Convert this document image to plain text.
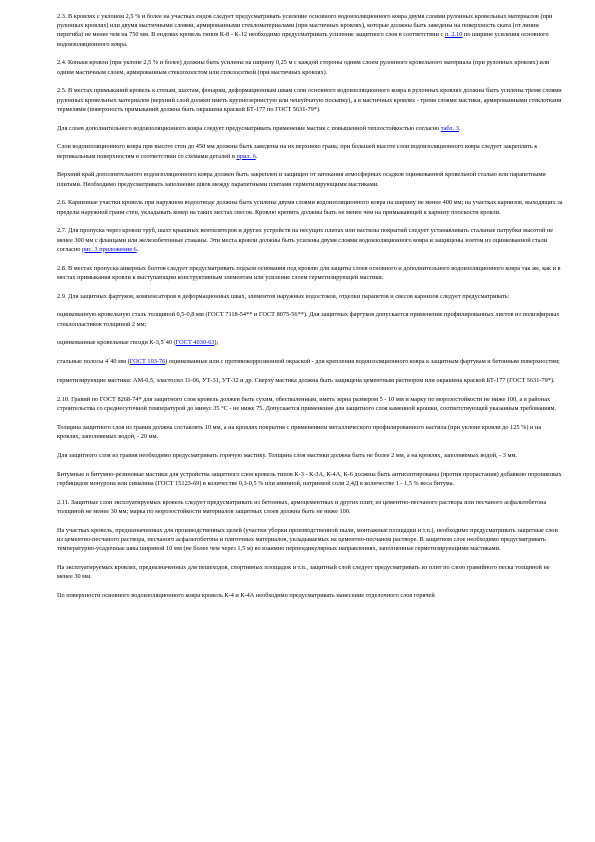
2.3. В кровлях с уклоном 2,5 % и более на участках ендов следует предусматривать усиление основного водоизоляционного ковра двумя слоями рулонных кровельных материалов (при рулонных кровлях) или двумя мастичными слоями, армированными стекломатериалами (при мастичных кровлях), которые должны быть заведены на поверхность ската (от линии перегиба) не менее чем на 750 мм. В ендовах кровель типов К-8 - К-12 необходимо предусматривать усиление защитного слоя в соответствии с п. 2.10 по ширине усиления основного водоизоляционного ковра.

2.4. Коньки кровли (при уклоне 2,5 % и более) должны быть усилены на ширину 0,25 м с каждой стороны одним слоем рулонного кровельного материала (при рулонных кровлях) или одним мастичным слоем, армированным стеклохолстом или стеклосеткой (при мастичных кровлях).

2.5. В местах примыканий кровель к стенам, шахтам, фонарям, деформационным швам слои основного водоизоляционного ковра в рулонных кровлях должны быть усилены тремя слоями рулонных кровельных материалов (верхний слой должен иметь крупнозернистую или чешуйчатую посыпку), а в мастичных кровлях - тремя слоями мастики, армированными стеклоткани термелями (поверхность примыканий должна быть окрашена краской БТ-177 по ГОСТ 5631-79*).

Для слоев дополнительного водоизоляционного ковра следует предусматривать применение мастик с повышенной теплостойкостью согласно табл. 3.

Слои водоизоляционного ковра при высоте стен до 450 мм должны быть заведены на их верхнюю грань; при большей высоте слои водоизоляционного ковра следует закреплять к вертикальным поверхностям в соответствии со схемами деталей в прил. 6.

Верхний край дополнительного водоизоляционного ковра должен быть закреплен и защищен от затекания атмосферных осадков оцинкованной кровельной сталью или парапетными плитами. Необходимо предусматривать заполнение швов между парапетными плитами герметизирующими мастиками.

2.6. Карнизные участки кровель при наружном водоотводе должны быть усилены двумя слоями водоизоляционного ковра на ширину не менее 400 мм; на участках карнизов, выходящих за пределы наружной грани стен, укладывать ковер на таких местах свесов. Кровлю крепить должны быть не менее чем на примыкающей к карнизу плоскости кровли.

2.7. Для пропуска через кровли труб, шахт крышных вентиляторов и других устройств на несущих плитах или настилы покрытий следует устанавливать стальные патрубки высотой не менее 300 мм с фланцами или железобетонные стаканы. Эти места кровли должны быть усилены двумя слоями водоизоляционного ковра и защищены зонтом из оцинкованной стали согласно рис. 3 приложения 6.

2.8. В местах пропуска анкерных болтов следует предусматривать подъем основания под кровлю для защиты слоев основного и дополнительного водоизоляционного ковра так же, как и в местах примыкания кровли к выступающим конструктивным элементам или усиление слоем герметизирующей мастики.

2.9. Для защитных фартуков, компенсаторов в деформационных швах, элементов наружных водостоков, отделки парапетов и свесов карнизов следует предусматривать:

оцинкованную кровельную сталь толщиной 0,5-0,8 мм (ГОСТ 7118-54** и ГОСТ 8075-56**). Для защитных фартуков допускается применение профилированных листов из полиэфирных стеклопластиков толщиной 2 мм;

оцинкованные кровельные гвозди К-3,5´40 (ГОСТ 4030-63);

стальные полосы 4´40 мм (ГОСТ 103-76) оцинкованные или с противокоррозионной окраской - для крепления водоизоляционного ковра к защитным фартукам и бетонным поверхностям;

герметизирующие мастики: АМ-0,5, эластосил 11-06, УТ-31, УТ-32 и др. Сверху мастика должна быть защищена цементным раствором или окрашена краской БТ-177 (ГОСТ 5631-79*).

2.10. Гравий по ГОСТ 8268-74* для защитного слоя кровель должен быть сухим, обеспыленным, иметь зерна размером 5 - 10 мм и марку по морозостойкости не ниже 100, а в районах строительства со среднесуточной температурой до минус 35 °С - не ниже 75. Допускается применение для защитного слоя каменной крошки, соответствующей указанным требованиям.

Толщина защитного слоя из гравия должна составлять 10 мм, а на кровлях покрытия с применением металлического профилированного настила (при уклоне кровли до 125 %) и на кровлях, заполняемых водой, - 20 мм.

Для защитного слоя из гравия необходимо предусматривать горячую мастику. Толщина слоя мастики должна быть не более 2 мм, а на кровлях, заполняемых водой, - 3 мм.

Битумные и битумно-резиновые мастики для устройства защитного слоя кровель типов К-3 - К-3А, К-4А, К-6 должны быть антисептированы (против прорастания) добавкою порошковых гербицидов монурона или симазина (ГОСТ 15123-69) в количестве 0,3-0,5 % или аминной, натриевой соли 2,4Д в количестве 1 - 1,5 % веса битума.

2.11. Защитные слои эксплуатируемых кровель следует предусматривать из бетонных, армоцементных и других плит, из цементно-песчаного раствора или песчаного асфальтобетона толщиной не менее 30 мм; марка по морозостойкости материалов защитных слоев должна быть не ниже 100.

На участках кровель, предназначенных для производственных целей (участки уборки производственной пыли, монтажные площадки и т.п.), необходимо предусматривать защитные слои из цементно-песчаного раствора, песчаного асфальтобетона и плиточных материалов, укладываемых на цементно-песчаном растворе. В защитном слое необходимо предусматривать температурно-усадочные швы шириной 10 мм (не более чем через 1,5 м) во взаимно перпендикулярных направлениях, заполненные герметизирующими мастиками.

На эксплуатируемых кровлях, предназначенных для пешеходов, спортивных площадок и т.п., защитный слой следует предусматривать из плит по слою гравийного песка толщиной не менее 30 мм.

По поверхности основного водоизоляционного ковра кровель К-4 и К-4А необходимо предусматривать нанесение отделочного слоя горячей
